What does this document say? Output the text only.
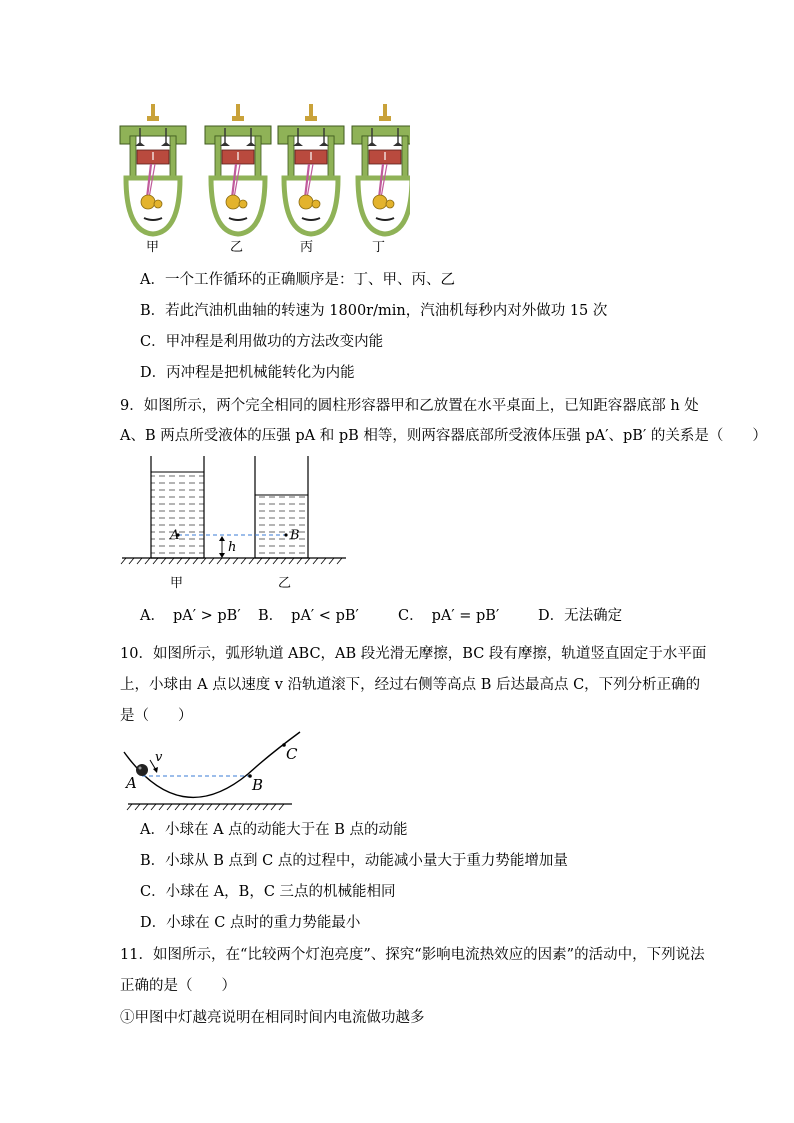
甲	乙	丙	丁
A．一个工作循环的正确顺序是：丁、甲、丙、乙
B．若此汽油机曲轴的转速为 1800r/min，汽油机每秒内对外做功 15 次
C．甲冲程是利用做功的方法改变内能
D．丙冲程是把机械能转化为内能
9．如图所示，两个完全相同的圆柱形容器甲和乙放置在水平桌面上，已知距容器底部 h 处
A、B 两点所受液体的压强 pA 和 pB 相等，则两容器底部所受液体压强 pA′、pB′ 的关系是（　　）
A	B
h
甲	乙
A． pA′ > pB′ B． pA′ < pB′	C． pA′ = pB′	D．无法确定
10．如图所示，弧形轨道 ABC，AB 段光滑无摩擦，BC 段有摩擦，轨道竖直固定于水平面
上，小球由 A 点以速度 v 沿轨道滚下，经过右侧等高点 B 后达最高点 C，下列分析正确的
是（　　）
v
A	B
C
A．小球在 A 点的动能大于在 B 点的动能
B．小球从 B 点到 C 点的过程中，动能减小量大于重力势能增加量
C．小球在 A，B，C 三点的机械能相同
D．小球在 C 点时的重力势能最小
11．如图所示，在“比较两个灯泡亮度”、探究“影响电流热效应的因素”的活动中，下列说法
正确的是（　　）
①甲图中灯越亮说明在相同时间内电流做功越多
